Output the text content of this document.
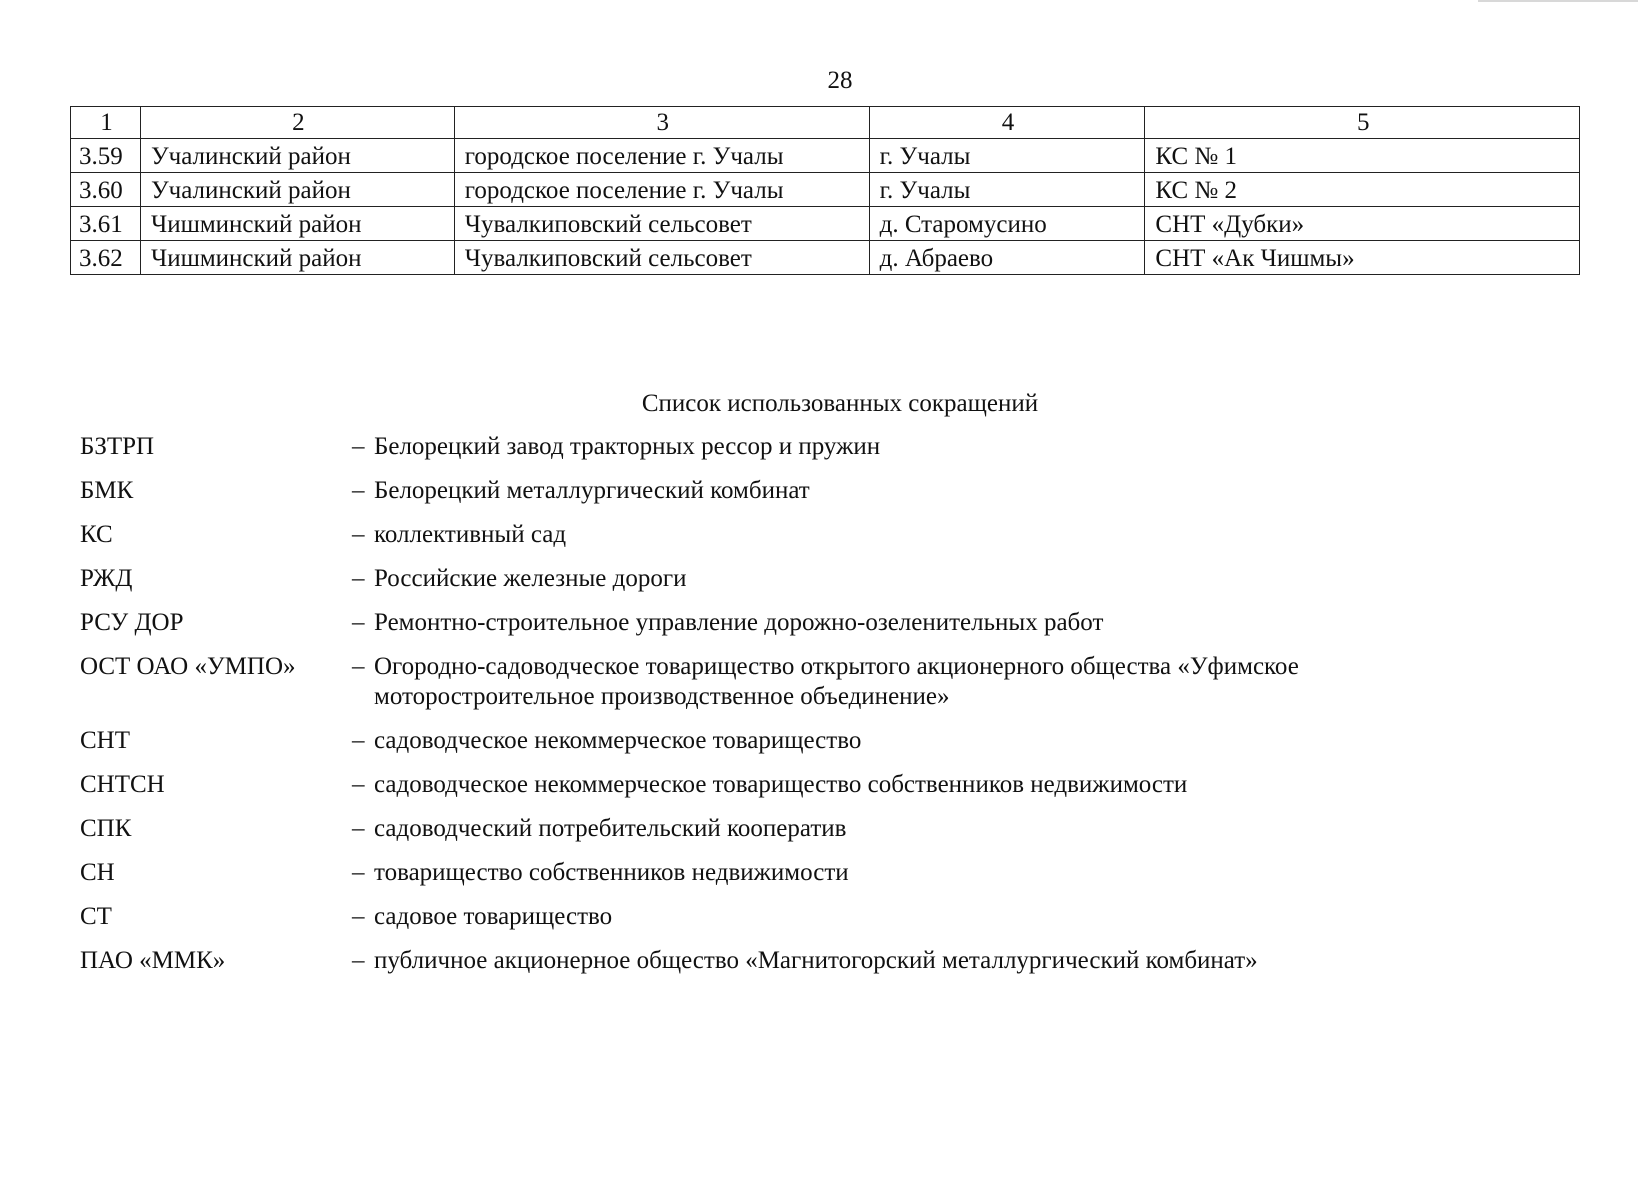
28
1	2	3	4	5
3.59	Учалинский район	городское поселение г. Учалы	г. Учалы	КС № 1
3.60	Учалинский район	городское поселение г. Учалы	г. Учалы	КС № 2
3.61	Чишминский район	Чувалкиповский сельсовет	д. Старомусино	СНТ «Дубки»
3.62	Чишминский район	Чувалкиповский сельсовет	д. Абраево	СНТ «Ак Чишмы»
Список использованных сокращений
БЗТРП	– Белорецкий завод тракторных рессор и пружин
БМК	– Белорецкий металлургический комбинат
КС	– коллективный сад
РЖД	– Российские железные дороги
РСУ ДОР	– Ремонтно-строительное управление дорожно-озеленительных работ
ОСТ ОАО «УМПО»	– Огородно-садоводческое товарищество открытого акционерного общества «Уфимское моторостроительное производственное объединение»
СНТ	– садоводческое некоммерческое товарищество
СНТСН	– садоводческое некоммерческое товарищество собственников недвижимости
СПК	– садоводческий потребительский кооператив
СН	– товарищество собственников недвижимости
СТ	– садовое товарищество
ПАО «ММК»	– публичное акционерное общество «Магнитогорский металлургический комбинат»
